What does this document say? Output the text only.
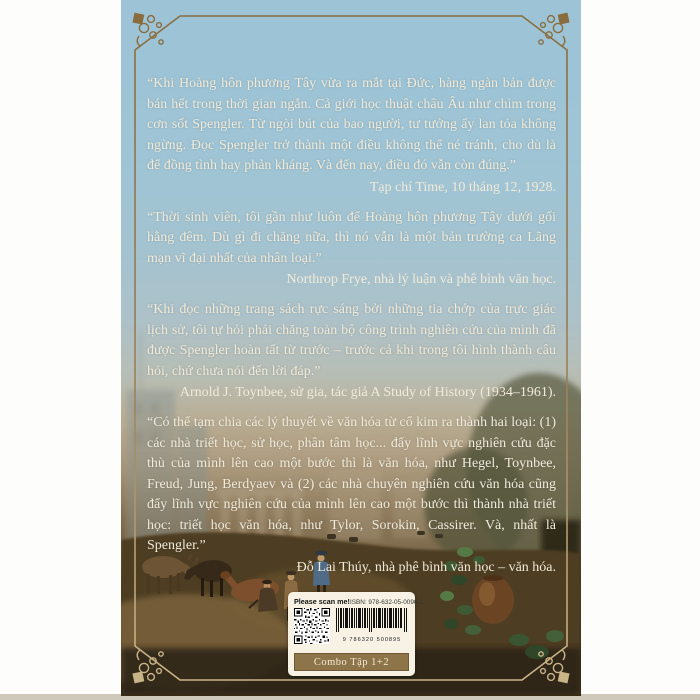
“Khi Hoàng hôn phương Tây vừa ra mắt tại Đức, hàng ngàn bản được bán hết trong thời gian ngắn. Cả giới học thuật châu Âu như chìm trong cơn sốt Spengler. Từ ngòi bút của bao người, tư tưởng ấy lan tỏa không ngừng. Đọc Spengler trở thành một điều không thể né tránh, cho dù là để đồng tình hay phản kháng. Và đến nay, điều đó vẫn còn đúng.”

Tạp chí Time, 10 tháng 12, 1928.

“Thời sinh viên, tôi gần như luôn để Hoàng hôn phương Tây dưới gối hằng đêm. Dù gì đi chăng nữa, thì nó vẫn là một bản trường ca Lãng mạn vĩ đại nhất của nhân loại.”

Northrop Frye, nhà lý luận và phê bình văn học.

“Khi đọc những trang sách rực sáng bởi những tia chớp của trực giác lịch sử, tôi tự hỏi phải chăng toàn bộ công trình nghiên cứu của mình đã được Spengler hoàn tất từ trước – trước cả khi trong tôi hình thành câu hỏi, chứ chưa nói đến lời đáp.”

Arnold J. Toynbee, sử gia, tác giả A Study of History (1934–1961).

“Có thể tạm chia các lý thuyết về văn hóa từ cổ kim ra thành hai loại: (1) các nhà triết học, sử học, phân tâm học... đẩy lĩnh vực nghiên cứu đặc thù của mình lên cao một bước thì là văn hóa, như Hegel, Toynbee, Freud, Jung, Berdyaev và (2) các nhà chuyên nghiên cứu văn hóa cũng đẩy lĩnh vực nghiên cứu của mình lên cao một bước thì thành nhà triết học: triết học văn hóa, như Tylor, Sorokin, Cassirer. Và, nhất là Spengler.”

Đỗ Lai Thúy, nhà phê bình văn học – văn hóa.
Please scan me! ISBN: 978-632-05-0090-1
9 786320 500895
Combo Tập 1+2
